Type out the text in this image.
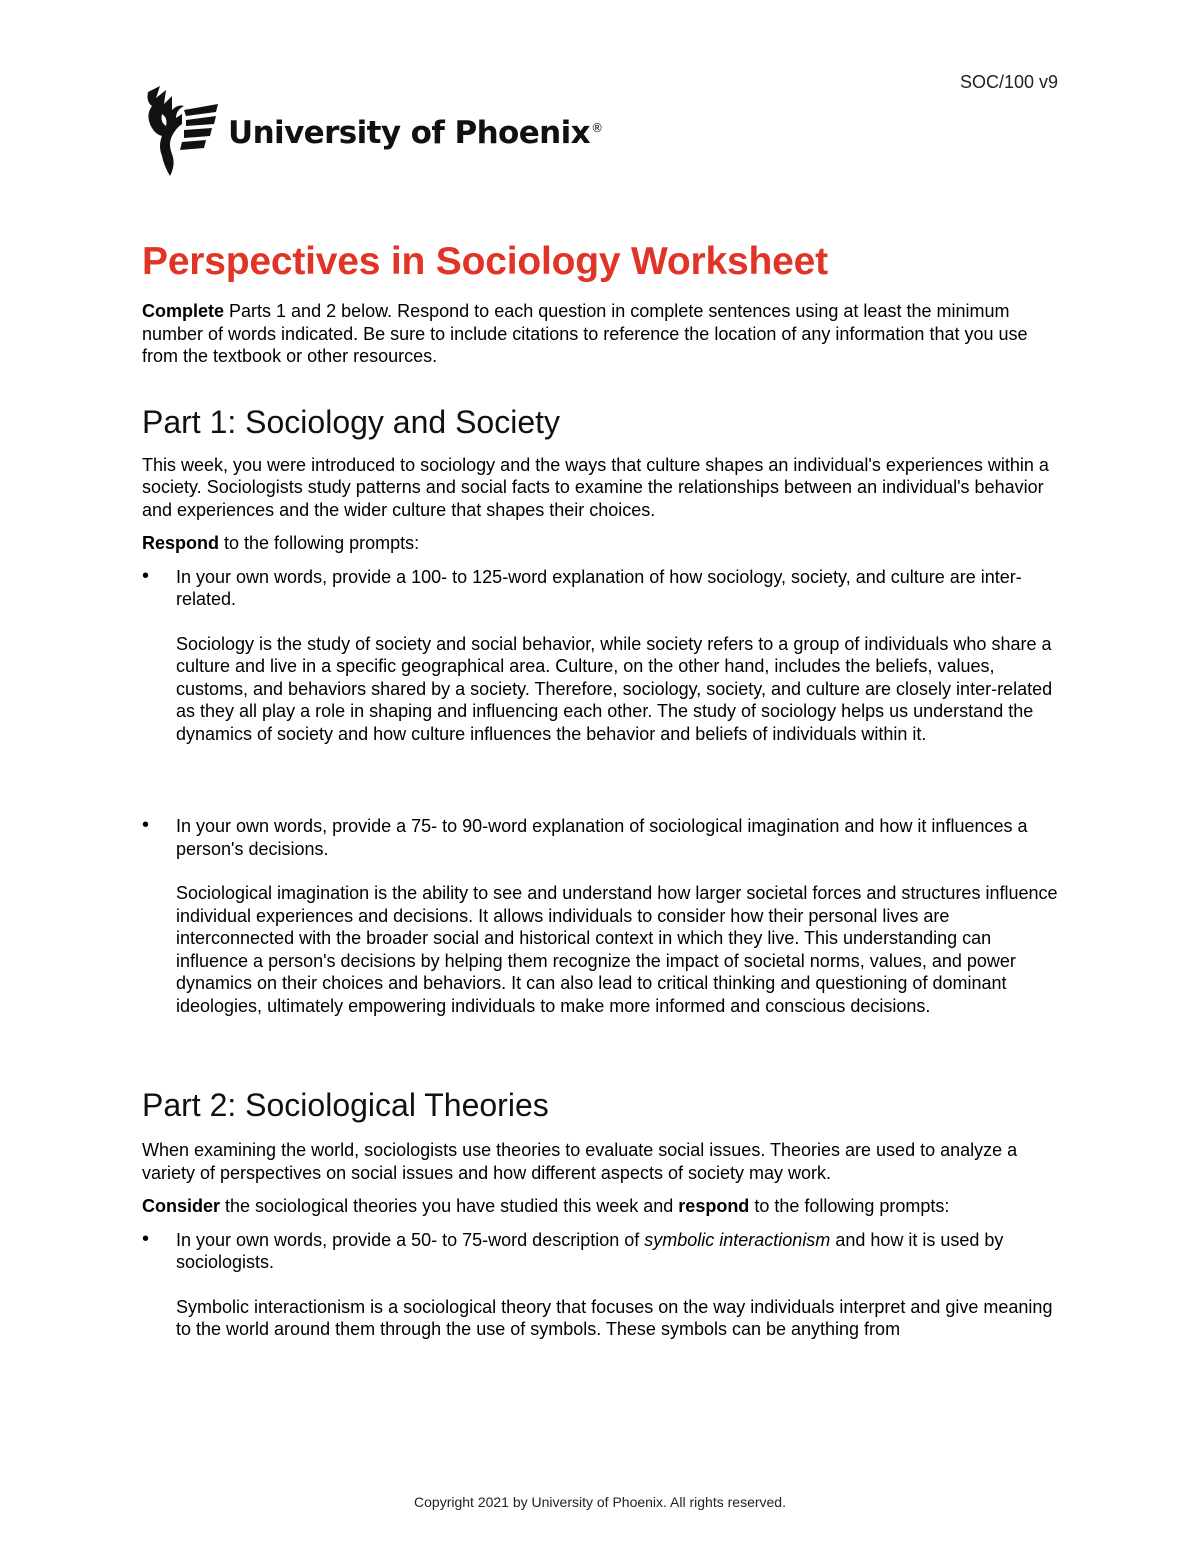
SOC/100 v9
University of Phoenix®
Perspectives in Sociology Worksheet

Complete Parts 1 and 2 below. Respond to each question in complete sentences using at least the minimum number of words indicated. Be sure to include citations to reference the location of any information that you use from the textbook or other resources.

Part 1: Sociology and Society

This week, you were introduced to sociology and the ways that culture shapes an individual's experiences within a society. Sociologists study patterns and social facts to examine the relationships between an individual's behavior and experiences and the wider culture that shapes their choices.

Respond to the following prompts:

• In your own words, provide a 100- to 125-word explanation of how sociology, society, and culture are inter-related.
Sociology is the study of society and social behavior, while society refers to a group of individuals who share a culture and live in a specific geographical area. Culture, on the other hand, includes the beliefs, values, customs, and behaviors shared by a society. Therefore, sociology, society, and culture are closely inter-related as they all play a role in shaping and influencing each other. The study of sociology helps us understand the dynamics of society and how culture influences the behavior and beliefs of individuals within it.
• In your own words, provide a 75- to 90-word explanation of sociological imagination and how it influences a person's decisions.
Sociological imagination is the ability to see and understand how larger societal forces and structures influence individual experiences and decisions. It allows individuals to consider how their personal lives are interconnected with the broader social and historical context in which they live. This understanding can influence a person's decisions by helping them recognize the impact of societal norms, values, and power dynamics on their choices and behaviors. It can also lead to critical thinking and questioning of dominant ideologies, ultimately empowering individuals to make more informed and conscious decisions.
Part 2: Sociological Theories

When examining the world, sociologists use theories to evaluate social issues. Theories are used to analyze a variety of perspectives on social issues and how different aspects of society may work.

Consider the sociological theories you have studied this week and respond to the following prompts:

• In your own words, provide a 50- to 75-word description of symbolic interactionism and how it is used by sociologists.
Symbolic interactionism is a sociological theory that focuses on the way individuals interpret and give meaning to the world around them through the use of symbols. These symbols can be anything from
Copyright 2021 by University of Phoenix. All rights reserved.
